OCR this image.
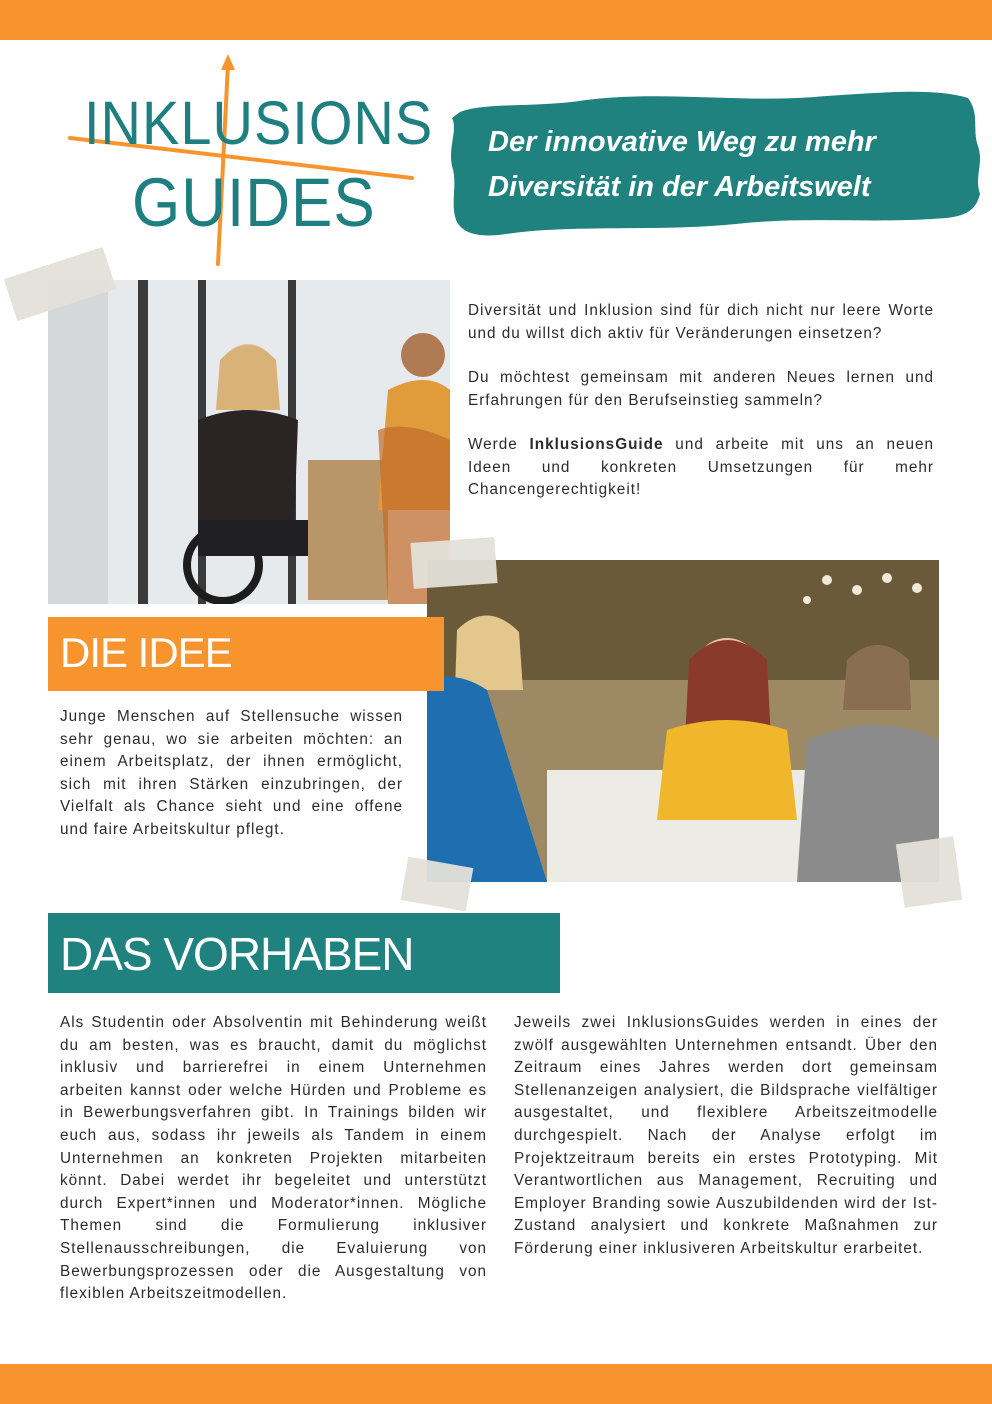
INKLUSIONS
GUIDES
Der innovative Weg zu mehr
Diversität in der Arbeitswelt

Diversität und Inklusion sind für dich nicht nur leere Worte und du willst dich aktiv für Veränderungen einsetzen?

Du möchtest gemeinsam mit anderen Neues lernen und Erfahrungen für den Berufseinstieg sammeln?

Werde InklusionsGuide und arbeite mit uns an neuen Ideen und konkreten Umsetzungen für mehr Chancengerechtigkeit!

DIE IDEE

Junge Menschen auf Stellensuche wissen sehr genau, wo sie arbeiten möchten: an einem Arbeitsplatz, der ihnen ermöglicht, sich mit ihren Stärken einzubringen, der Vielfalt als Chance sieht und eine offene und faire Arbeitskultur pflegt.

DAS VORHABEN

Als Studentin oder Absolventin mit Behinderung weißt du am besten, was es braucht, damit du möglichst inklusiv und barrierefrei in einem Unternehmen arbeiten kannst oder welche Hürden und Probleme es in Bewerbungsverfahren gibt. In Trainings bilden wir euch aus, sodass ihr jeweils als Tandem in einem Unternehmen an konkreten Projekten mitarbeiten könnt. Dabei werdet ihr begeleitet und unterstützt durch Expert*innen und Moderator*innen. Mögliche Themen sind die Formulierung inklusiver Stellenausschreibungen, die Evaluierung von Bewerbungsprozessen oder die Ausgestaltung von flexiblen Arbeitszeitmodellen.

Jeweils zwei InklusionsGuides werden in eines der zwölf ausgewählten Unternehmen entsandt. Über den Zeitraum eines Jahres werden dort gemeinsam Stellenanzeigen analysiert, die Bildsprache vielfältiger ausgestaltet, und flexiblere Arbeitszeitmodelle durchgespielt. Nach der Analyse erfolgt im Projektzeitraum bereits ein erstes Prototyping. Mit Verantwortlichen aus Management, Recruiting und Employer Branding sowie Auszubildenden wird der Ist-Zustand analysiert und konkrete Maßnahmen zur Förderung einer inklusiveren Arbeitskultur erarbeitet.
